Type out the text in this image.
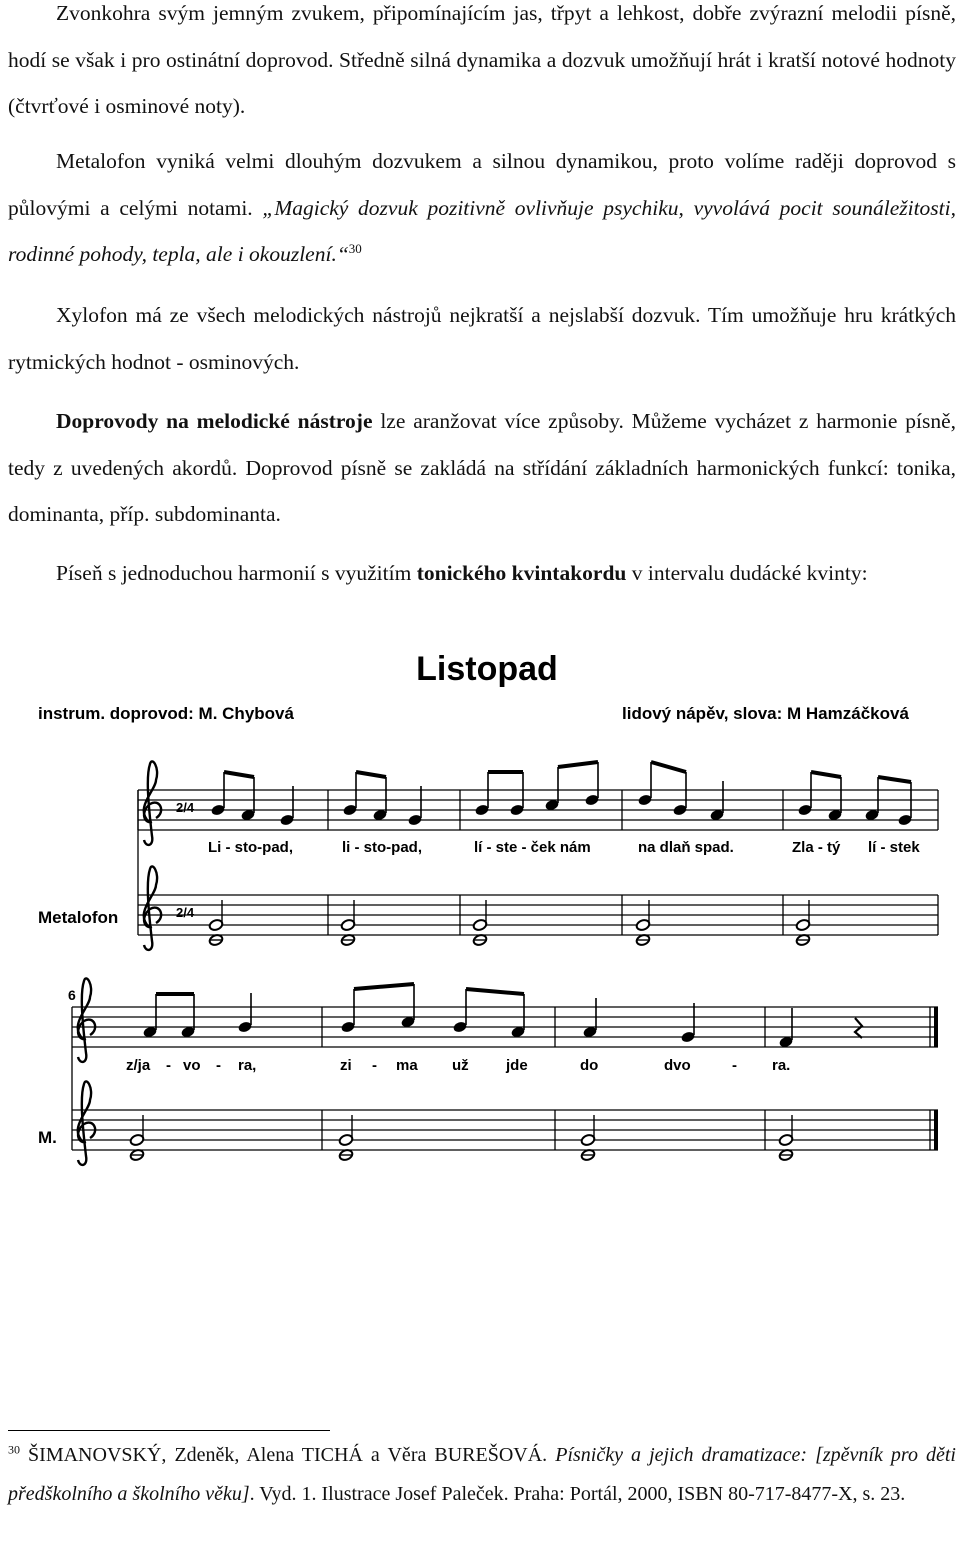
Zvonkohra svým jemným zvukem, připomínajícím jas, třpyt a lehkost, dobře zvýrazní melodii písně, hodí se však i pro ostinátní doprovod. Středně silná dynamika a dozvuk umožňují hrát i kratší notové hodnoty (čtvrťové i osminové noty).

Metalofon vyniká velmi dlouhým dozvukem a silnou dynamikou, proto volíme raději doprovod s půlovými a celými notami. „Magický dozvuk pozitivně ovlivňuje psychiku, vyvolává pocit sounáležitosti, rodinné pohody, tepla, ale i okouzlení.“$^{30}$

Xylofon má ze všech melodických nástrojů nejkratší a nejslabší dozvuk. Tím umožňuje hru krátkých rytmických hodnot - osminových.

Doprovody na melodické nástroje lze aranžovat více způsoby. Můžeme vycházet z harmonie písně, tedy z uvedených akordů. Doprovod písně se zakládá na střídání základních harmonických funkcí: tonika, dominanta, příp. subdominanta.

Píseň s jednoduchou harmonií s využitím tonického kvintakordu v intervalu dudácké kvinty:

Listopad
instrum. doprovod: M. Chybová	lidový nápěv, slova: M Hamzáčková
2/4
Li - sto-pad,	li - sto-pad,	lí - ste - ček nám	na dlaň spad.	Zla - tý lí - stek
Metalofon	2/4
6
z/ja - vo - ra,	zi - ma už jde	do	dvo	- ra.
M.

$^{30}$ ŠIMANOVSKÝ, Zdeněk, Alena TICHÁ a Věra BUREŠOVÁ. Písničky a jejich dramatizace: [zpěvník pro děti předškolního a školního věku]. Vyd. 1. Ilustrace Josef Paleček. Praha: Portál, 2000, ISBN 80-717-8477-X, s. 23.
